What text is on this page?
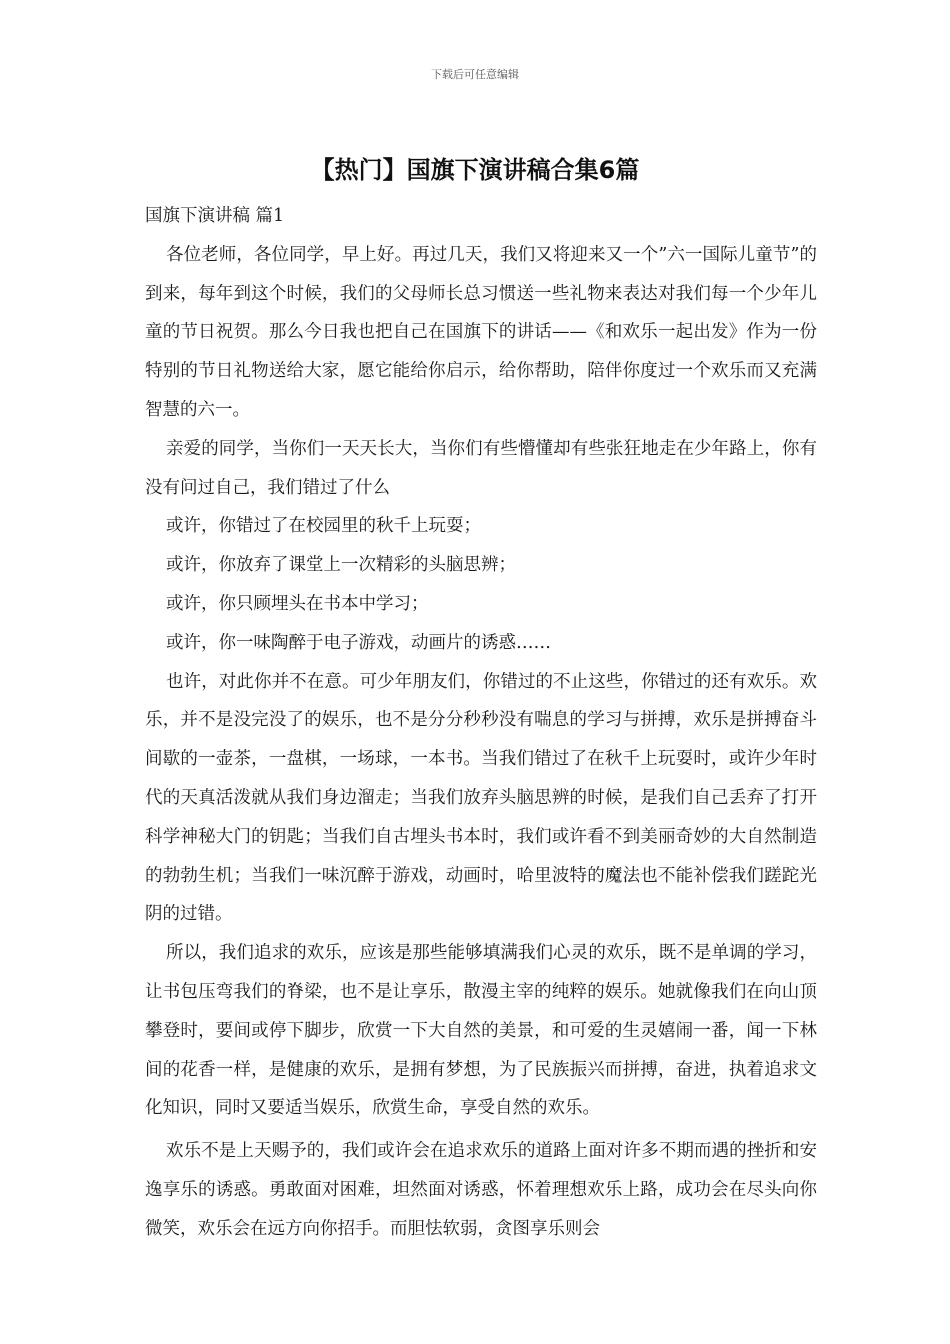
下载后可任意编辑
【热门】国旗下演讲稿合集6篇

国旗下演讲稿 篇1

各位老师，各位同学，早上好。再过几天，我们又将迎来又一个”六一国际儿童节”的到来，每年到这个时候，我们的父母师长总习惯送一些礼物来表达对我们每一个少年儿童的节日祝贺。那么今日我也把自己在国旗下的讲话——《和欢乐一起出发》作为一份特别的节日礼物送给大家，愿它能给你启示，给你帮助，陪伴你度过一个欢乐而又充满智慧的六一。

亲爱的同学，当你们一天天长大，当你们有些懵懂却有些张狂地走在少年路上，你有没有问过自己，我们错过了什么

或许，你错过了在校园里的秋千上玩耍；

或许，你放弃了课堂上一次精彩的头脑思辨；

或许，你只顾埋头在书本中学习；

或许，你一味陶醉于电子游戏，动画片的诱惑……

也许，对此你并不在意。可少年朋友们，你错过的不止这些，你错过的还有欢乐。欢乐，并不是没完没了的娱乐，也不是分分秒秒没有喘息的学习与拼搏，欢乐是拼搏奋斗间歇的一壶茶，一盘棋，一场球，一本书。当我们错过了在秋千上玩耍时，或许少年时代的天真活泼就从我们身边溜走；当我们放弃头脑思辨的时候，是我们自己丢弃了打开科学神秘大门的钥匙；当我们自古埋头书本时，我们或许看不到美丽奇妙的大自然制造的勃勃生机；当我们一味沉醉于游戏，动画时，哈里波特的魔法也不能补偿我们蹉跎光阴的过错。

所以，我们追求的欢乐，应该是那些能够填满我们心灵的欢乐，既不是单调的学习，让书包压弯我们的脊梁，也不是让享乐，散漫主宰的纯粹的娱乐。她就像我们在向山顶攀登时，要间或停下脚步，欣赏一下大自然的美景，和可爱的生灵嬉闹一番，闻一下林间的花香一样，是健康的欢乐，是拥有梦想，为了民族振兴而拼搏，奋进，执着追求文化知识，同时又要适当娱乐，欣赏生命，享受自然的欢乐。

欢乐不是上天赐予的，我们或许会在追求欢乐的道路上面对许多不期而遇的挫折和安逸享乐的诱惑。勇敢面对困难，坦然面对诱惑，怀着理想欢乐上路，成功会在尽头向你微笑，欢乐会在远方向你招手。而胆怯软弱，贪图享乐则会
